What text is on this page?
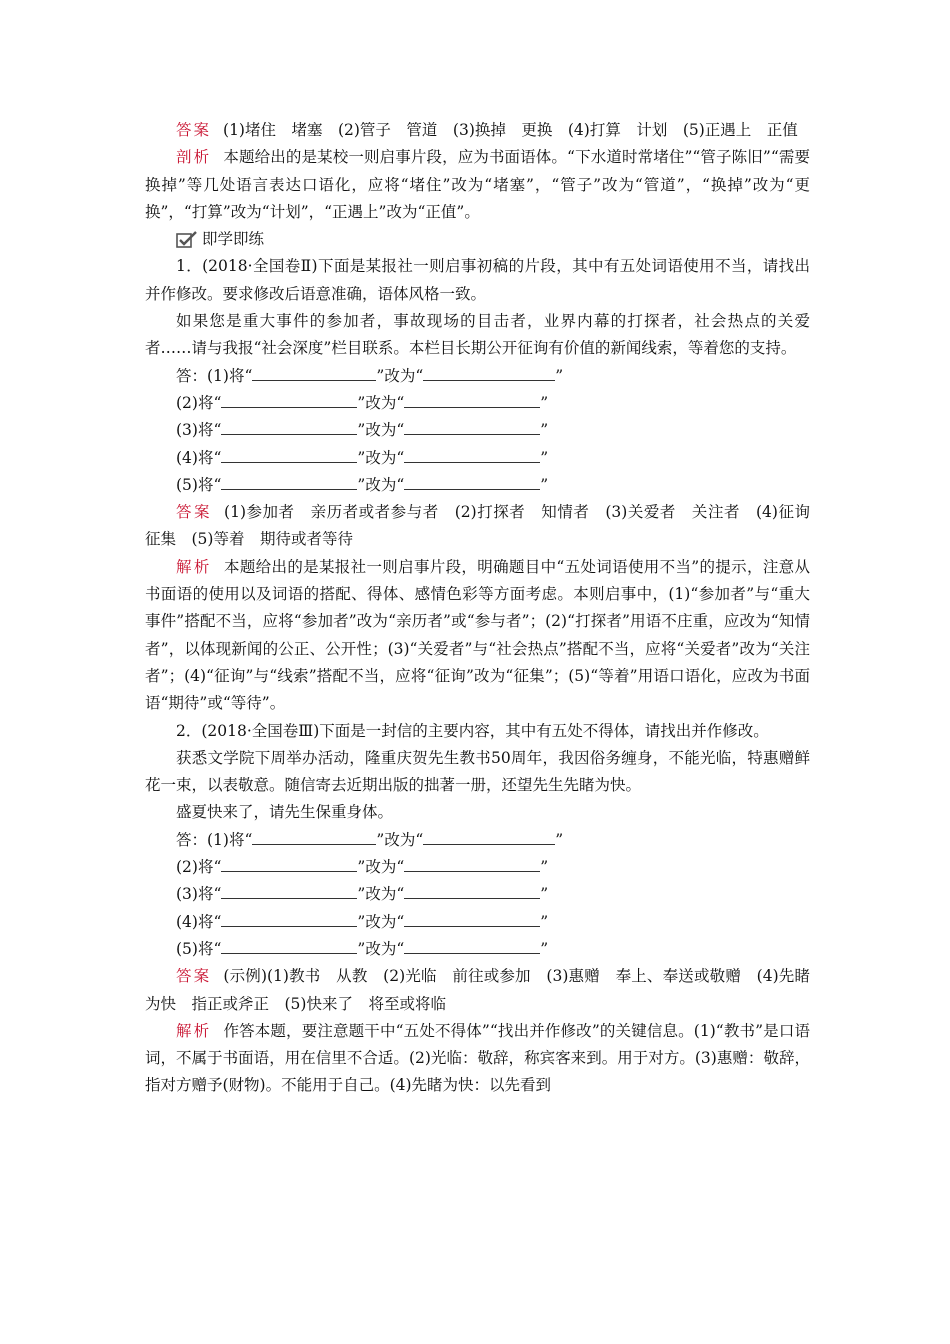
答案 (1)堵住　堵塞　(2)管子　管道　(3)换掉　更换　(4)打算　计划　(5)正遇上　正值

剖析 本题给出的是某校一则启事片段，应为书面语体。“下水道时常堵住”“管子陈旧”“需要换掉”等几处语言表达口语化，应将“堵住”改为“堵塞”，“管子”改为“管道”，“换掉”改为“更换”，“打算”改为“计划”，“正遇上”改为“正值”。

即学即练

1．(2018·全国卷Ⅱ)下面是某报社一则启事初稿的片段，其中有五处词语使用不当，请找出并作修改。要求修改后语意准确，语体风格一致。

如果您是重大事件的参加者，事故现场的目击者，业界内幕的打探者，社会热点的关爱者……请与我报“社会深度”栏目联系。本栏目长期公开征询有价值的新闻线索，等着您的支持。

答：(1)将“	”改为“	”
(2)将“	”改为“	”
(3)将“	”改为“	”
(4)将“	”改为“	”
(5)将“	”改为“	”

答案 (1)参加者　亲历者或者参与者　(2)打探者　知情者　(3)关爱者　关注者　(4)征询　征集　(5)等着　期待或者等待

解析 本题给出的是某报社一则启事片段，明确题目中“五处词语使用不当”的提示，注意从书面语的使用以及词语的搭配、得体、感情色彩等方面考虑。本则启事中，(1)“参加者”与“重大事件”搭配不当，应将“参加者”改为“亲历者”或“参与者”；(2)“打探者”用语不庄重，应改为“知情者”，以体现新闻的公正、公开性；(3)“关爱者”与“社会热点”搭配不当，应将“关爱者”改为“关注者”；(4)“征询”与“线索”搭配不当，应将“征询”改为“征集”；(5)“等着”用语口语化，应改为书面语“期待”或“等待”。

2．(2018·全国卷Ⅲ)下面是一封信的主要内容，其中有五处不得体，请找出并作修改。

获悉文学院下周举办活动，隆重庆贺先生教书50周年，我因俗务缠身，不能光临，特惠赠鲜花一束，以表敬意。随信寄去近期出版的拙著一册，还望先生先睹为快。

盛夏快来了，请先生保重身体。

答：(1)将“	”改为“	”
(2)将“	”改为“	”
(3)将“	”改为“	”
(4)将“	”改为“	”
(5)将“	”改为“	”

答案 (示例)(1)教书　从教　(2)光临　前往或参加　(3)惠赠　奉上、奉送或敬赠　(4)先睹为快　指正或斧正　(5)快来了　将至或将临

解析 作答本题，要注意题干中“五处不得体”“找出并作修改”的关键信息。(1)“教书”是口语词，不属于书面语，用在信里不合适。(2)光临：敬辞，称宾客来到。用于对方。(3)惠赠：敬辞，指对方赠予(财物)。不能用于自己。(4)先睹为快：以先看到
